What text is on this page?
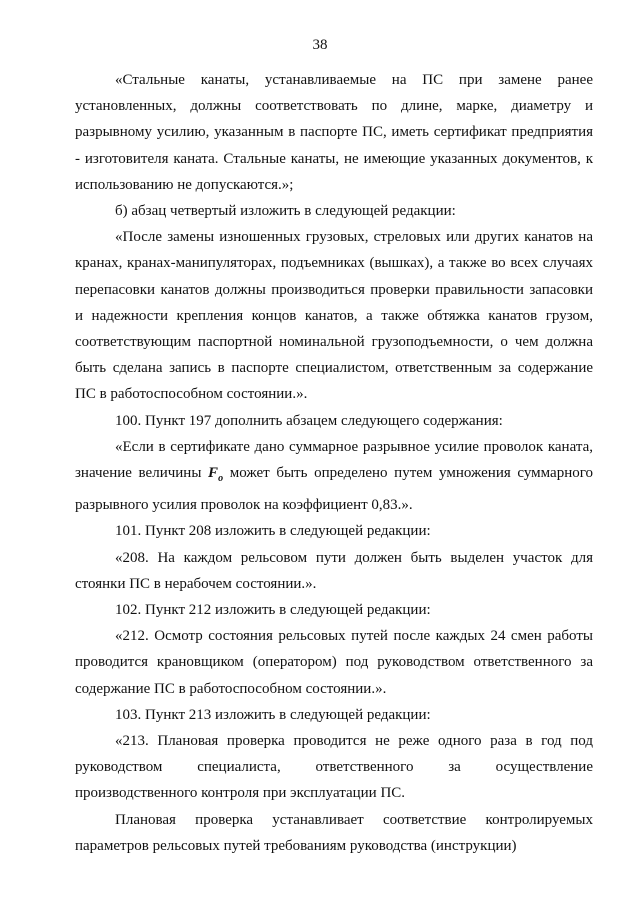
38

«Стальные канаты, устанавливаемые на ПС при замене ранее установленных, должны соответствовать по длине, марке, диаметру и разрывному усилию, указанным в паспорте ПС, иметь сертификат предприятия - изготовителя каната. Стальные канаты, не имеющие указанных документов, к использованию не допускаются.»;

б) абзац четвертый изложить в следующей редакции:

«После замены изношенных грузовых, стреловых или других канатов на кранах, кранах-манипуляторах, подъемниках (вышках), а также во всех случаях перепасовки канатов должны производиться проверки правильности запасовки и надежности крепления концов канатов, а также обтяжка канатов грузом, соответствующим паспортной номинальной грузоподъемности, о чем должна быть сделана запись в паспорте специалистом, ответственным за содержание ПС в работоспособном состоянии.».

100. Пункт 197 дополнить абзацем следующего содержания:

«Если в сертификате дано суммарное разрывное усилие проволок каната, значение величины $F_o$ может быть определено путем умножения суммарного разрывного усилия проволок на коэффициент 0,83.».

101. Пункт 208 изложить в следующей редакции:

«208. На каждом рельсовом пути должен быть выделен участок для стоянки ПС в нерабочем состоянии.».

102. Пункт 212 изложить в следующей редакции:

«212. Осмотр состояния рельсовых путей после каждых 24 смен работы проводится крановщиком (оператором) под руководством ответственного за содержание ПС в работоспособном состоянии.».

103. Пункт 213 изложить в следующей редакции:

«213. Плановая проверка проводится не реже одного раза в год под руководством специалиста, ответственного за осуществление производственного контроля при эксплуатации ПС.

Плановая проверка устанавливает соответствие контролируемых параметров рельсовых путей требованиям руководства (инструкции)
